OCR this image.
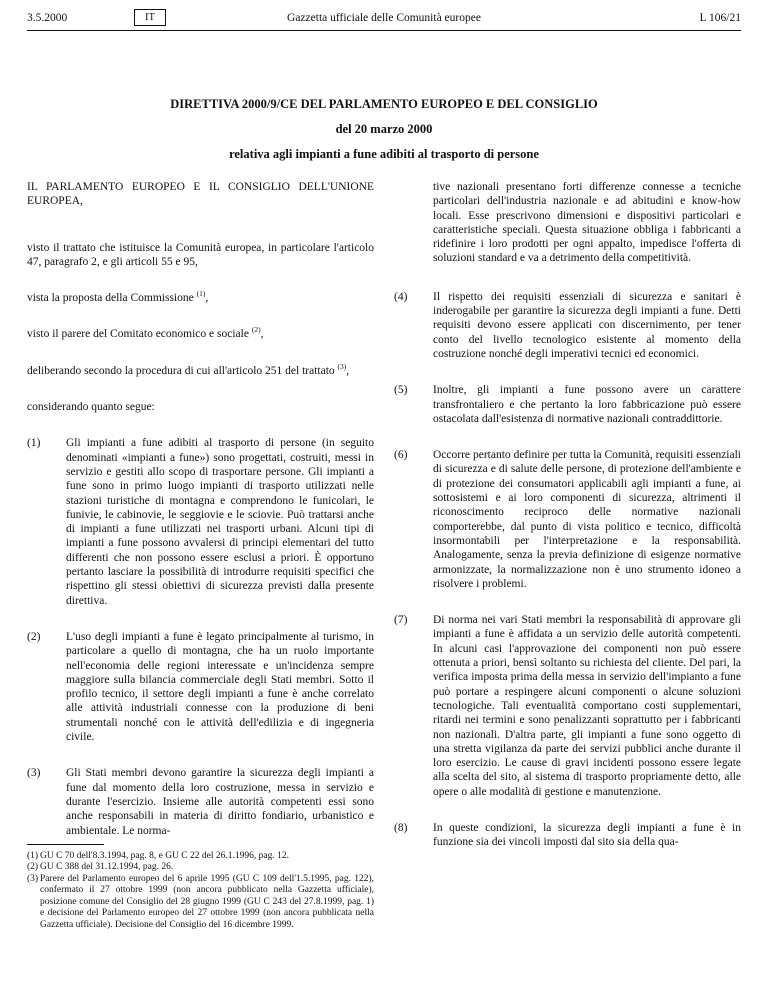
3.5.2000	IT	Gazzetta ufficiale delle Comunità europee	L 106/21
DIRETTIVA 2000/9/CE DEL PARLAMENTO EUROPEO E DEL CONSIGLIO
del 20 marzo 2000
relativa agli impianti a fune adibiti al trasporto di persone

IL PARLAMENTO EUROPEO E IL CONSIGLIO DELL'UNIONE EUROPEA,

visto il trattato che istituisce la Comunità europea, in particolare l'articolo 47, paragrafo 2, e gli articoli 55 e 95,

vista la proposta della Commissione $^{(1)}$,

visto il parere del Comitato economico e sociale $^{(2)}$,

deliberando secondo la procedura di cui all'articolo 251 del trattato $^{(3)}$,

considerando quanto segue:

(1)	Gli impianti a fune adibiti al trasporto di persone (in seguito denominati «impianti a fune») sono progettati, costruiti, messi in servizio e gestiti allo scopo di trasportare persone. Gli impianti a fune sono in primo luogo impianti di trasporto utilizzati nelle stazioni turistiche di montagna e comprendono le funicolari, le funivie, le cabinovie, le seggiovie e le sciovie. Può trattarsi anche di impianti a fune utilizzati nei trasporti urbani. Alcuni tipi di impianti a fune possono avvalersi di principi elementari del tutto differenti che non possono essere esclusi a priori. È opportuno pertanto lasciare la possibilità di introdurre requisiti specifici che rispettino gli stessi obiettivi di sicurezza previsti dalla presente direttiva.
(2)	L'uso degli impianti a fune è legato principalmente al turismo, in particolare a quello di montagna, che ha un ruolo importante nell'economia delle regioni interessate e un'incidenza sempre maggiore sulla bilancia commerciale degli Stati membri. Sotto il profilo tecnico, il settore degli impianti a fune è anche correlato alle attività industriali connesse con la produzione di beni strumentali nonché con le attività dell'edilizia e di ingegneria civile.
(3)	Gli Stati membri devono garantire la sicurezza degli impianti a fune dal momento della loro costruzione, messa in servizio e durante l'esercizio. Insieme alle autorità competenti essi sono anche responsabili in materia di diritto fondiario, urbanistico e ambientale. Le norma-
(1) GU C 70 dell'8.3.1994, pag. 8, e GU C 22 del 26.1.1996, pag. 12.
(2) GU C 388 del 31.12.1994, pag. 26.
(3) Parere del Parlamento europeo del 6 aprile 1995 (GU C 109 dell'1.5.1995, pag. 122), confermato il 27 ottobre 1999 (non ancora pubblicato nella Gazzetta ufficiale), posizione comune del Consiglio del 28 giugno 1999 (GU C 243 del 27.8.1999, pag. 1) e decisione del Parlamento europeo del 27 ottobre 1999 (non ancora pubblicata nella Gazzetta ufficiale). Decisione del Consiglio del 16 dicembre 1999.
tive nazionali presentano forti differenze connesse a tecniche particolari dell'industria nazionale e ad abitudini e know-how locali. Esse prescrivono dimensioni e dispositivi particolari e caratteristiche speciali. Questa situazione obbliga i fabbricanti a ridefinire i loro prodotti per ogni appalto, impedisce l'offerta di soluzioni standard e va a detrimento della competitività.
(4)	Il rispetto dei requisiti essenziali di sicurezza e sanitari è inderogabile per garantire la sicurezza degli impianti a fune. Detti requisiti devono essere applicati con discernimento, per tener conto del livello tecnologico esistente al momento della costruzione nonché degli imperativi tecnici ed economici.
(5)	Inoltre, gli impianti a fune possono avere un carattere transfrontaliero e che pertanto la loro fabbricazione può essere ostacolata dall'esistenza di normative nazionali contraddittorie.
(6)	Occorre pertanto definire per tutta la Comunità, requisiti essenziali di sicurezza e di salute delle persone, di protezione dell'ambiente e di protezione dei consumatori applicabili agli impianti a fune, ai sottosistemi e ai loro componenti di sicurezza, altrimenti il riconoscimento reciproco delle normative nazionali comporterebbe, dal punto di vista politico e tecnico, difficoltà insormontabili per l'interpretazione e la responsabilità. Analogamente, senza la previa definizione di esigenze normative armonizzate, la normalizzazione non è uno strumento idoneo a risolvere i problemi.
(7)	Di norma nei vari Stati membri la responsabilità di approvare gli impianti a fune è affidata a un servizio delle autorità competenti. In alcuni casi l'approvazione dei componenti non può essere ottenuta a priori, bensì soltanto su richiesta del cliente. Del pari, la verifica imposta prima della messa in servizio dell'impianto a fune può portare a respingere alcuni componenti o alcune soluzioni tecnologiche. Tali eventualità comportano costi supplementari, ritardi nei termini e sono penalizzanti soprattutto per i fabbricanti non nazionali. D'altra parte, gli impianti a fune sono oggetto di una stretta vigilanza da parte dei servizi pubblici anche durante il loro esercizio. Le cause di gravi incidenti possono essere legate alla scelta del sito, al sistema di trasporto propriamente detto, alle opere o alle modalità di gestione e manutenzione.
(8)	In queste condizioni, la sicurezza degli impianti a fune è in funzione sia dei vincoli imposti dal sito sia della qua-
